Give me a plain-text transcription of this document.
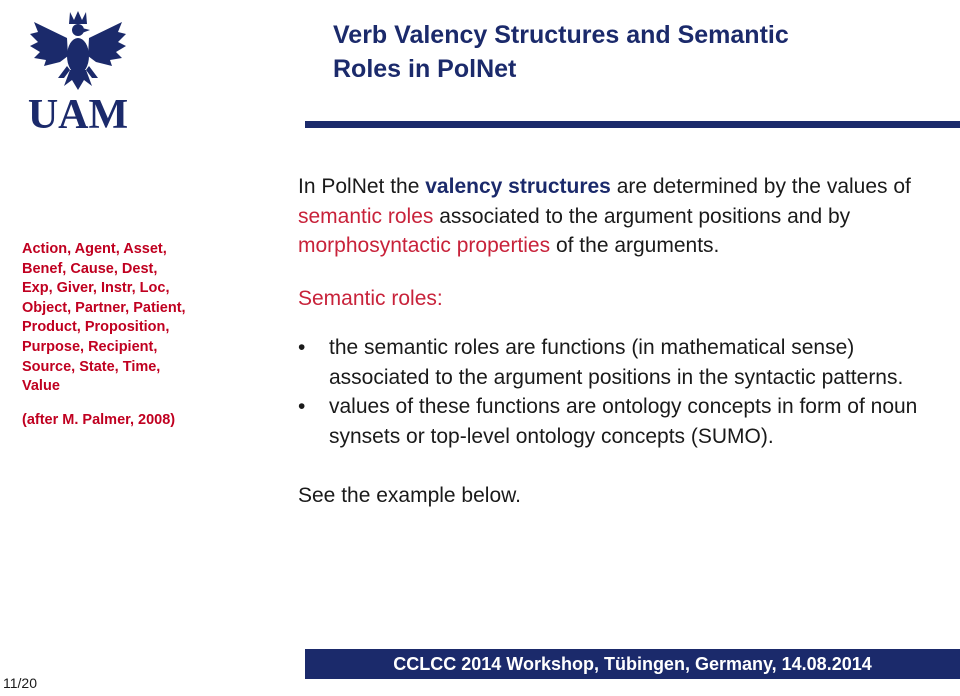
UAM
Verb Valency Structures and Semantic
Roles in PolNet
Action, Agent, Asset,
Benef, Cause, Dest,
Exp, Giver, Instr, Loc,
Object, Partner, Patient,
Product, Proposition,
Purpose, Recipient,
Source, State, Time,
Value
(after M. Palmer, 2008)

In PolNet the valency structures are determined by the values of semantic roles associated to the argument positions and by morphosyntactic properties of the arguments.

Semantic roles:

• the semantic roles are functions (in mathematical sense) associated to the argument positions in the syntactic patterns.
• values of these functions are ontology concepts in form of noun synsets or top-level ontology concepts (SUMO).

See the example below.

CCLCC 2014 Workshop, Tübingen, Germany, 14.08.2014
11/20
